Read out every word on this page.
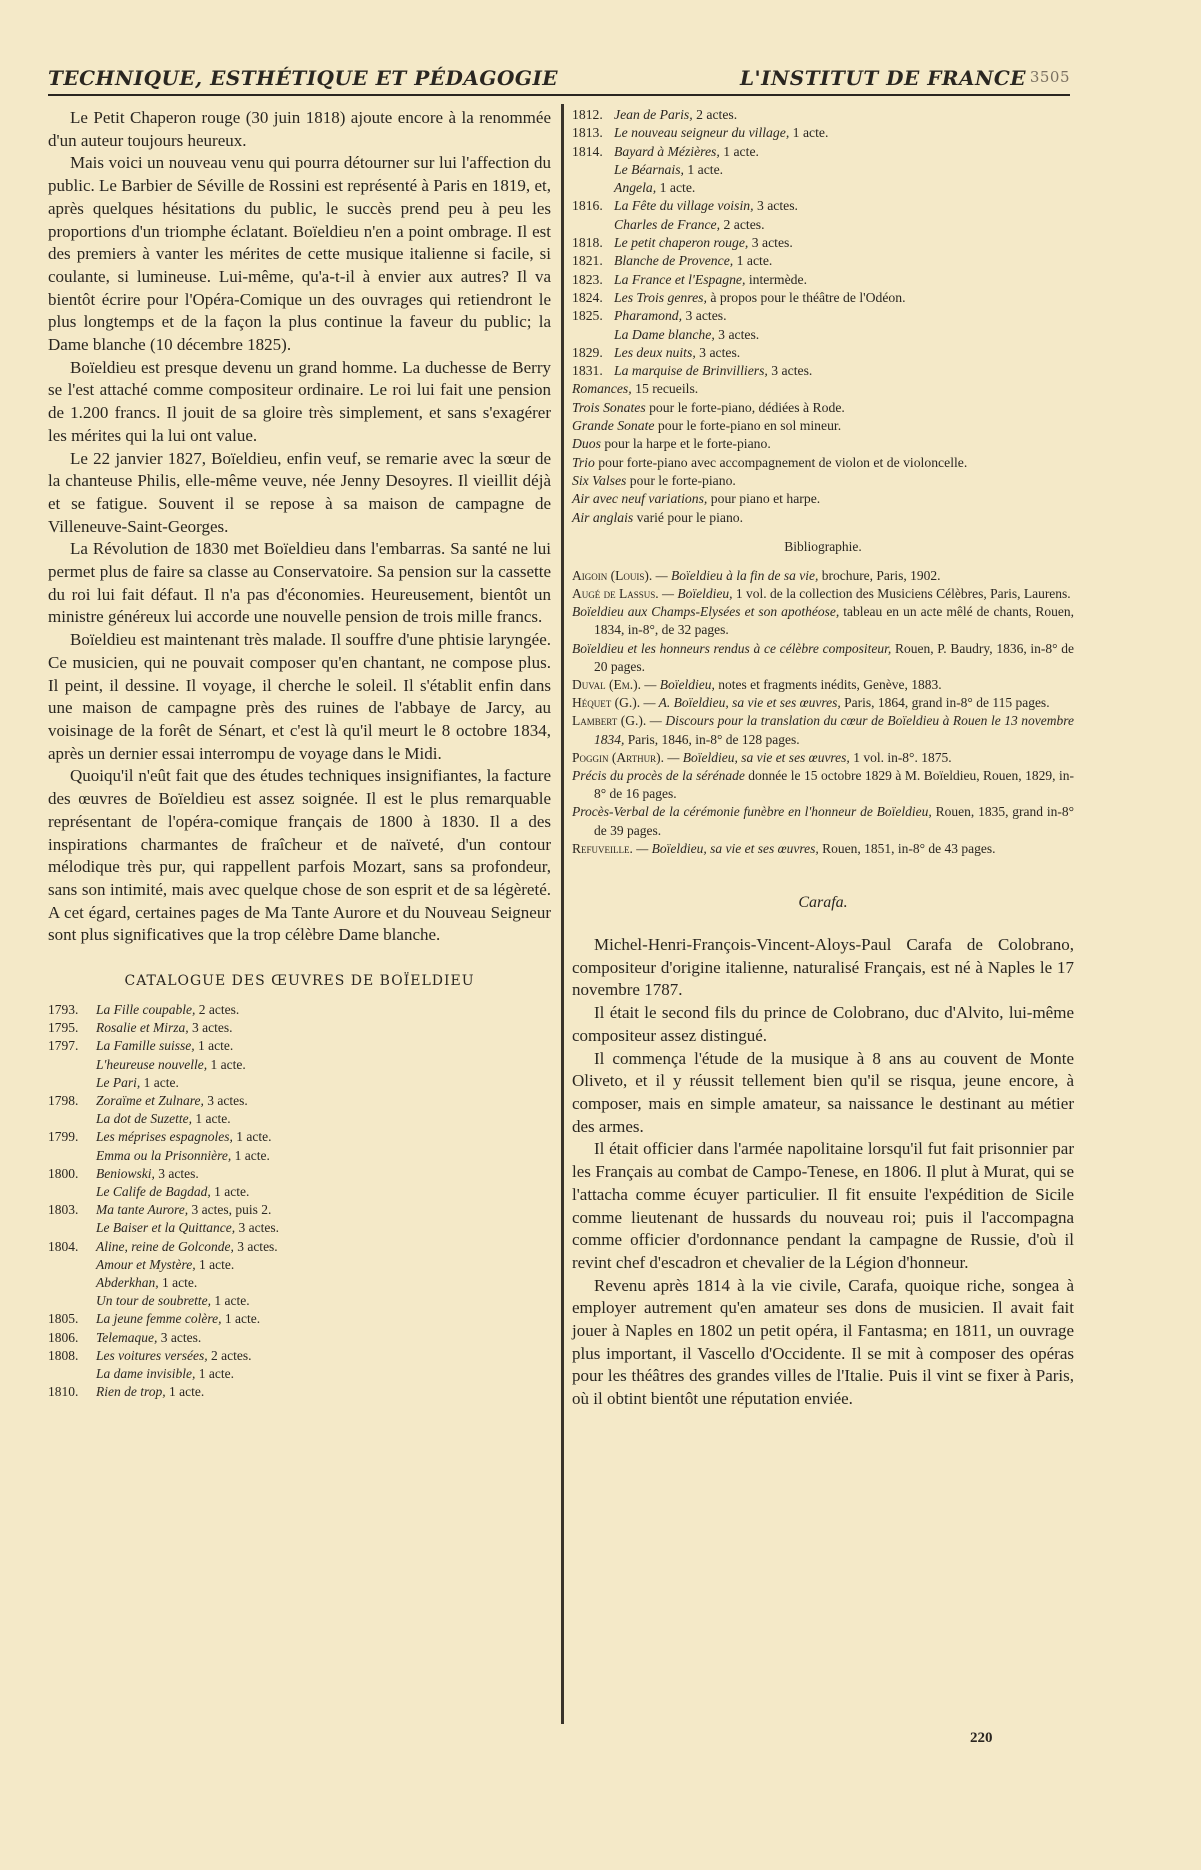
TECHNIQUE, ESTHÉTIQUE ET PÉDAGOGIE	L'INSTITUT DE FRANCE 3505

Le Petit Chaperon rouge (30 juin 1818) ajoute encore à la renommée d'un auteur toujours heureux.

Mais voici un nouveau venu qui pourra détourner sur lui l'affection du public. Le Barbier de Séville de Rossini est représenté à Paris en 1819, et, après quelques hésitations du public, le succès prend peu à peu les proportions d'un triomphe éclatant. Boïeldieu n'en a point ombrage. Il est des premiers à vanter les mérites de cette musique italienne si facile, si coulante, si lumineuse. Lui-même, qu'a-t-il à envier aux autres? Il va bientôt écrire pour l'Opéra-Comique un des ouvrages qui retiendront le plus longtemps et de la façon la plus continue la faveur du public; la Dame blanche (10 décembre 1825).

Boïeldieu est presque devenu un grand homme. La duchesse de Berry se l'est attaché comme compositeur ordinaire. Le roi lui fait une pension de 1.200 francs. Il jouit de sa gloire très simplement, et sans s'exagérer les mérites qui la lui ont value.

Le 22 janvier 1827, Boïeldieu, enfin veuf, se remarie avec la sœur de la chanteuse Philis, elle-même veuve, née Jenny Desoyres. Il vieillit déjà et se fatigue. Souvent il se repose à sa maison de campagne de Villeneuve-Saint-Georges.

La Révolution de 1830 met Boïeldieu dans l'embarras. Sa santé ne lui permet plus de faire sa classe au Conservatoire. Sa pension sur la cassette du roi lui fait défaut. Il n'a pas d'économies. Heureusement, bientôt un ministre généreux lui accorde une nouvelle pension de trois mille francs.

Boïeldieu est maintenant très malade. Il souffre d'une phtisie laryngée. Ce musicien, qui ne pouvait composer qu'en chantant, ne compose plus. Il peint, il dessine. Il voyage, il cherche le soleil. Il s'établit enfin dans une maison de campagne près des ruines de l'abbaye de Jarcy, au voisinage de la forêt de Sénart, et c'est là qu'il meurt le 8 octobre 1834, après un dernier essai interrompu de voyage dans le Midi.

Quoiqu'il n'eût fait que des études techniques insignifiantes, la facture des œuvres de Boïeldieu est assez soignée. Il est le plus remarquable représentant de l'opéra-comique français de 1800 à 1830. Il a des inspirations charmantes de fraîcheur et de naïveté, d'un contour mélodique très pur, qui rappellent parfois Mozart, sans sa profondeur, sans son intimité, mais avec quelque chose de son esprit et de sa légèreté. A cet égard, certaines pages de Ma Tante Aurore et du Nouveau Seigneur sont plus significatives que la trop célèbre Dame blanche.

CATALOGUE DES ŒUVRES DE BOÏELDIEU
1793. La Fille coupable, 2 actes.
1795. Rosalie et Mirza, 3 actes.
1797. La Famille suisse, 1 acte.
L'heureuse nouvelle, 1 acte.
Le Pari, 1 acte.
1798. Zoraïme et Zulnare, 3 actes.
La dot de Suzette, 1 acte.
1799. Les méprises espagnoles, 1 acte.
Emma ou la Prisonnière, 1 acte.
1800. Beniowski, 3 actes.
Le Calife de Bagdad, 1 acte.
1803. Ma tante Aurore, 3 actes, puis 2.
Le Baiser et la Quittance, 3 actes.
1804. Aline, reine de Golconde, 3 actes.
Amour et Mystère, 1 acte.
Abderkhan, 1 acte.
Un tour de soubrette, 1 acte.
1805. La jeune femme colère, 1 acte.
1806. Telemaque, 3 actes.
1808. Les voitures versées, 2 actes.
La dame invisible, 1 acte.
1810. Rien de trop, 1 acte.
1812. Jean de Paris, 2 actes.
1813. Le nouveau seigneur du village, 1 acte.
1814. Bayard à Mézières, 1 acte.
Le Béarnais, 1 acte.
Angela, 1 acte.
1816. La Fête du village voisin, 3 actes.
Charles de France, 2 actes.
1818. Le petit chaperon rouge, 3 actes.
1821. Blanche de Provence, 1 acte.
1823. La France et l'Espagne, intermède.
1824. Les Trois genres, à propos pour le théâtre de l'Odéon.
1825. Pharamond, 3 actes.
La Dame blanche, 3 actes.
1829. Les deux nuits, 3 actes.
1831. La marquise de Brinvilliers, 3 actes.
Romances, 15 recueils.
Trois Sonates pour le forte-piano, dédiées à Rode.
Grande Sonate pour le forte-piano en sol mineur.
Duos pour la harpe et le forte-piano.
Trio pour forte-piano avec accompagnement de violon et de violoncelle.
Six Valses pour le forte-piano.
Air avec neuf variations, pour piano et harpe.
Air anglais varié pour le piano.
Bibliographie.
Aigoin (Louis). — Boïeldieu à la fin de sa vie, brochure, Paris, 1902.
Augé de Lassus. — Boïeldieu, 1 vol. de la collection des Musiciens Célèbres, Paris, Laurens.
Boïeldieu aux Champs-Elysées et son apothéose, tableau en un acte mêlé de chants, Rouen, 1834, in-8°, de 32 pages.
Boïeldieu et les honneurs rendus à ce célèbre compositeur, Rouen, P. Baudry, 1836, in-8° de 20 pages.
Duval (Em.). — Boïeldieu, notes et fragments inédits, Genève, 1883.
Héquet (G.). — A. Boïeldieu, sa vie et ses œuvres, Paris, 1864, grand in-8° de 115 pages.
Lambert (G.). — Discours pour la translation du cœur de Boïeldieu à Rouen le 13 novembre 1834, Paris, 1846, in-8° de 128 pages.
Poggin (Arthur). — Boïeldieu, sa vie et ses œuvres, 1 vol. in-8°. 1875.
Précis du procès de la sérénade donnée le 15 octobre 1829 à M. Boïeldieu, Rouen, 1829, in-8° de 16 pages.
Procès-Verbal de la cérémonie funèbre en l'honneur de Boïeldieu, Rouen, 1835, grand in-8° de 39 pages.
Refuveille. — Boïeldieu, sa vie et ses œuvres, Rouen, 1851, in-8° de 43 pages.
Carafa.

Michel-Henri-François-Vincent-Aloys-Paul Carafa de Colobrano, compositeur d'origine italienne, naturalisé Français, est né à Naples le 17 novembre 1787.

Il était le second fils du prince de Colobrano, duc d'Alvito, lui-même compositeur assez distingué.

Il commença l'étude de la musique à 8 ans au couvent de Monte Oliveto, et il y réussit tellement bien qu'il se risqua, jeune encore, à composer, mais en simple amateur, sa naissance le destinant au métier des armes.

Il était officier dans l'armée napolitaine lorsqu'il fut fait prisonnier par les Français au combat de Campo-Tenese, en 1806. Il plut à Murat, qui se l'attacha comme écuyer particulier. Il fit ensuite l'expédition de Sicile comme lieutenant de hussards du nouveau roi; puis il l'accompagna comme officier d'ordonnance pendant la campagne de Russie, d'où il revint chef d'escadron et chevalier de la Légion d'honneur.

Revenu après 1814 à la vie civile, Carafa, quoique riche, songea à employer autrement qu'en amateur ses dons de musicien. Il avait fait jouer à Naples en 1802 un petit opéra, il Fantasma; en 1811, un ouvrage plus important, il Vascello d'Occidente. Il se mit à composer des opéras pour les théâtres des grandes villes de l'Italie. Puis il vint se fixer à Paris, où il obtint bientôt une réputation enviée.

220
